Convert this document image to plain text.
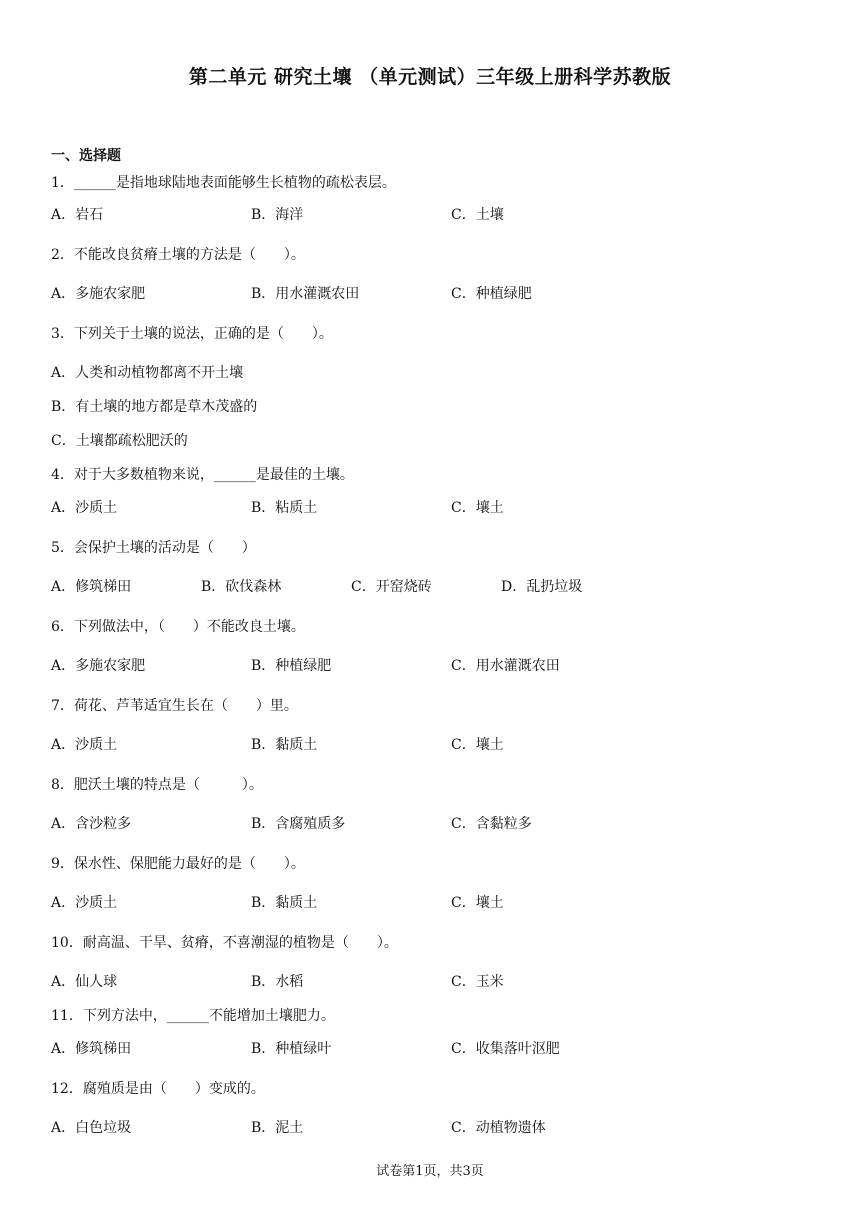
第二单元 研究土壤 （单元测试）三年级上册科学苏教版
一、选择题
1．______是指地球陆地表面能够生长植物的疏松表层。
A．岩石	B．海洋	C．土壤
2．不能改良贫瘠土壤的方法是（　　）。
A．多施农家肥	B．用水灌溉农田	C．种植绿肥
3．下列关于土壤的说法，正确的是（　　）。
A．人类和动植物都离不开土壤
B．有土壤的地方都是草木茂盛的
C．土壤都疏松肥沃的
4．对于大多数植物来说，______是最佳的土壤。
A．沙质土	B．粘质土	C．壤土
5．会保护土壤的活动是（　　）
A．修筑梯田	B．砍伐森林	C．开窑烧砖	D．乱扔垃圾
6．下列做法中，（　　）不能改良土壤。
A．多施农家肥	B．种植绿肥	C．用水灌溉农田
7．荷花、芦苇适宜生长在（　　）里。
A．沙质土	B．黏质土	C．壤土
8．肥沃土壤的特点是（　　　）。
A．含沙粒多	B．含腐殖质多	C．含黏粒多
9．保水性、保肥能力最好的是（　　）。
A．沙质土	B．黏质土	C．壤土
10．耐高温、干旱、贫瘠，不喜潮湿的植物是（　　）。
A．仙人球	B．水稻	C．玉米
11．下列方法中，______不能增加土壤肥力。
A．修筑梯田	B．种植绿叶	C．收集落叶沤肥
12．腐殖质是由（　　）变成的。
A．白色垃圾	B．泥土	C．动植物遗体
试卷第1页，共3页
